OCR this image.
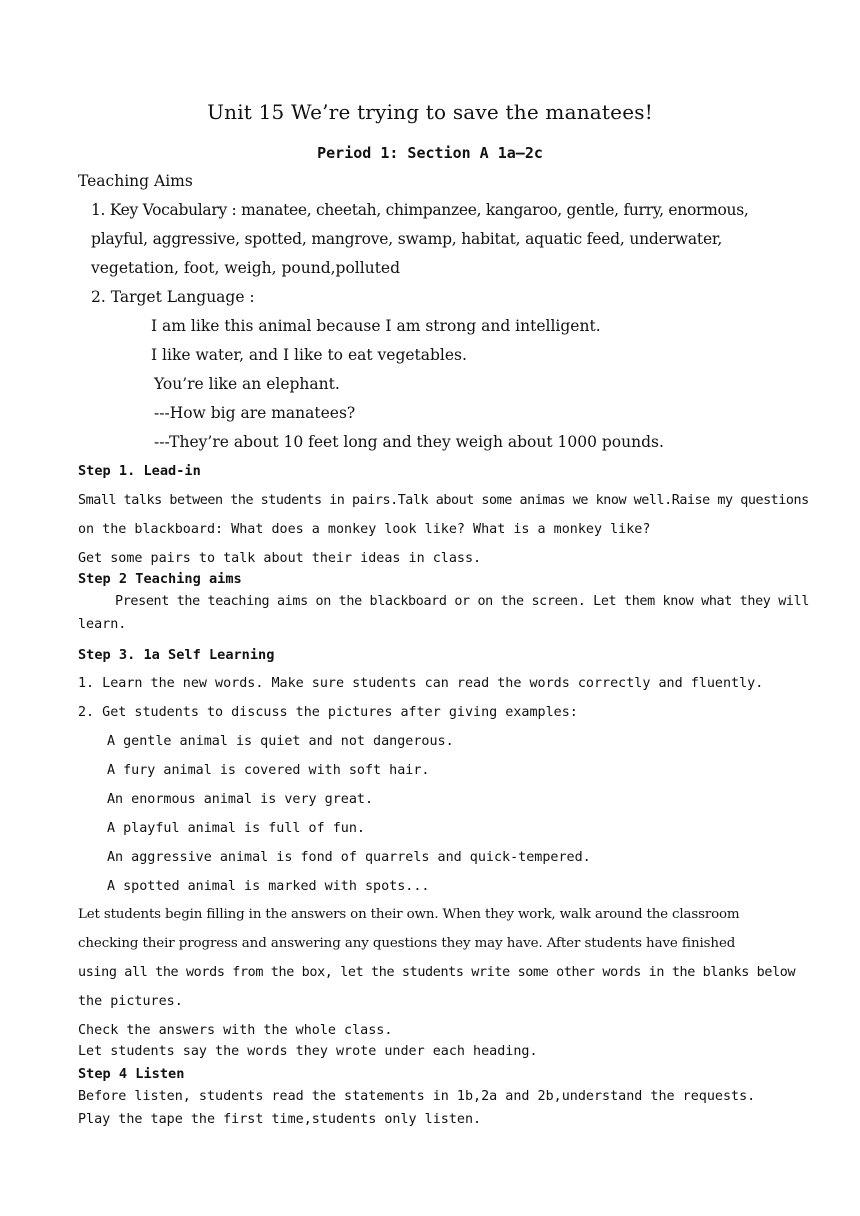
Unit 15 We’re trying to save the manatees!
Period 1: Section A 1a—2c
Teaching Aims
1. Key Vocabulary : manatee, cheetah, chimpanzee, kangaroo, gentle, furry, enormous,
playful, aggressive, spotted, mangrove, swamp, habitat, aquatic feed, underwater,
vegetation, foot, weigh, pound,polluted
2. Target Language :
I am like this animal because I am strong and intelligent.
I like water, and I like to eat vegetables.
You’re like an elephant.
---How big are manatees?
---They’re about 10 feet long and they weigh about 1000 pounds.
Step 1. Lead-in
Small talks between the students in pairs.Talk about some animas we know well.Raise my questions
on the blackboard: What does a monkey look like? What is a monkey like?
Get some pairs to talk about their ideas in class.
Step 2 Teaching aims
Present the teaching aims on the blackboard or on the screen. Let them know what they will
learn.
Step 3. 1a Self Learning
1. Learn the new words. Make sure students can read the words correctly and fluently.
2. Get students to discuss the pictures after giving examples:
A gentle animal is quiet and not dangerous.
A fury animal is covered with soft hair.
An enormous animal is very great.
A playful animal is full of fun.
An aggressive animal is fond of quarrels and quick-tempered.
A spotted animal is marked with spots...
Let students begin filling in the answers on their own. When they work, walk around the classroom
checking their progress and answering any questions they may have. After students have finished
using all the words from the box, let the students write some other words in the blanks below
the pictures.
Check the answers with the whole class.
Let students say the words they wrote under each heading.
Step 4 Listen
Before listen, students read the statements in 1b,2a and 2b,understand the requests.
Play the tape the first time,students only listen.
